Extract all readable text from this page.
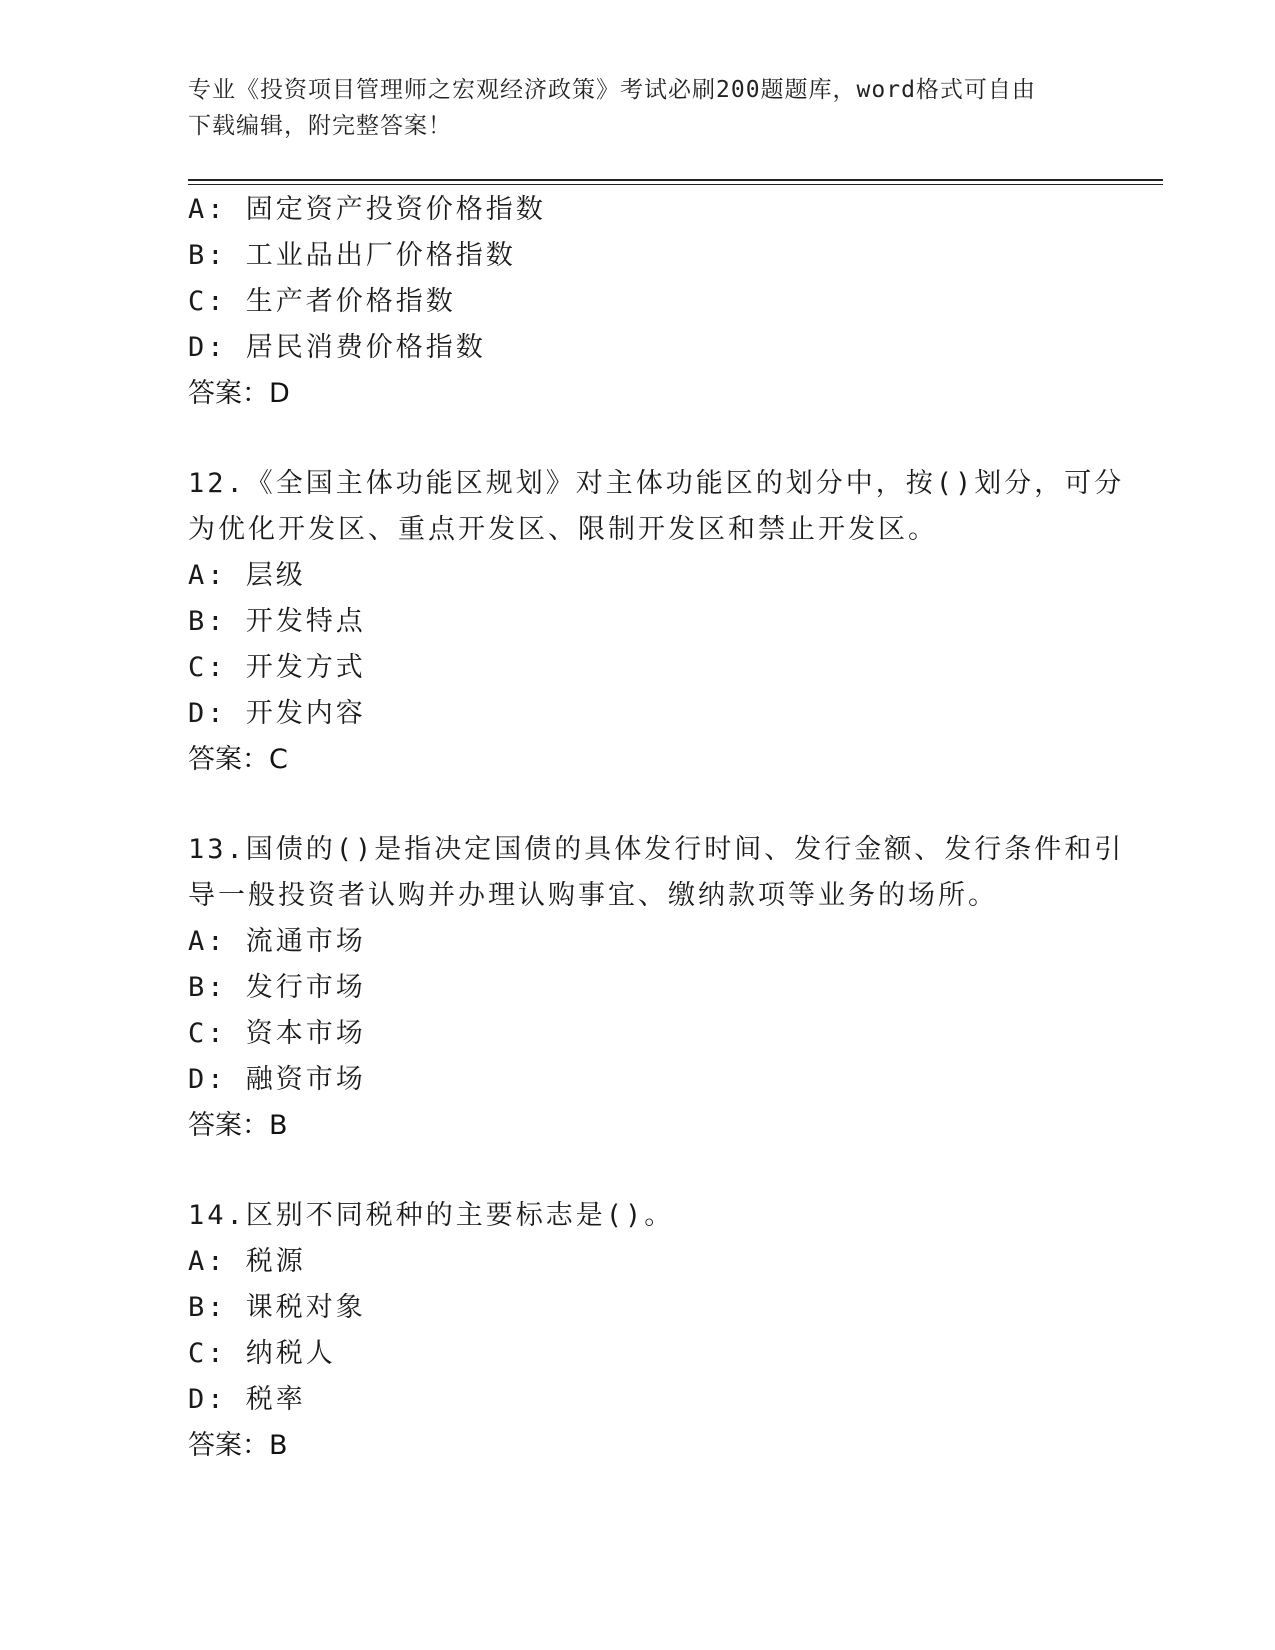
专业《投资项目管理师之宏观经济政策》考试必刷200题题库，word格式可自由
下载编辑，附完整答案！
A: 固定资产投资价格指数
B: 工业品出厂价格指数
C: 生产者价格指数
D: 居民消费价格指数
答案：D
12.《全国主体功能区规划》对主体功能区的划分中，按()划分，可分
为优化开发区、重点开发区、限制开发区和禁止开发区。
A: 层级
B: 开发特点
C: 开发方式
D: 开发内容
答案：C
13.国债的()是指决定国债的具体发行时间、发行金额、发行条件和引
导一般投资者认购并办理认购事宜、缴纳款项等业务的场所。
A: 流通市场
B: 发行市场
C: 资本市场
D: 融资市场
答案：B
14.区别不同税种的主要标志是()。
A: 税源
B: 课税对象
C: 纳税人
D: 税率
答案：B
